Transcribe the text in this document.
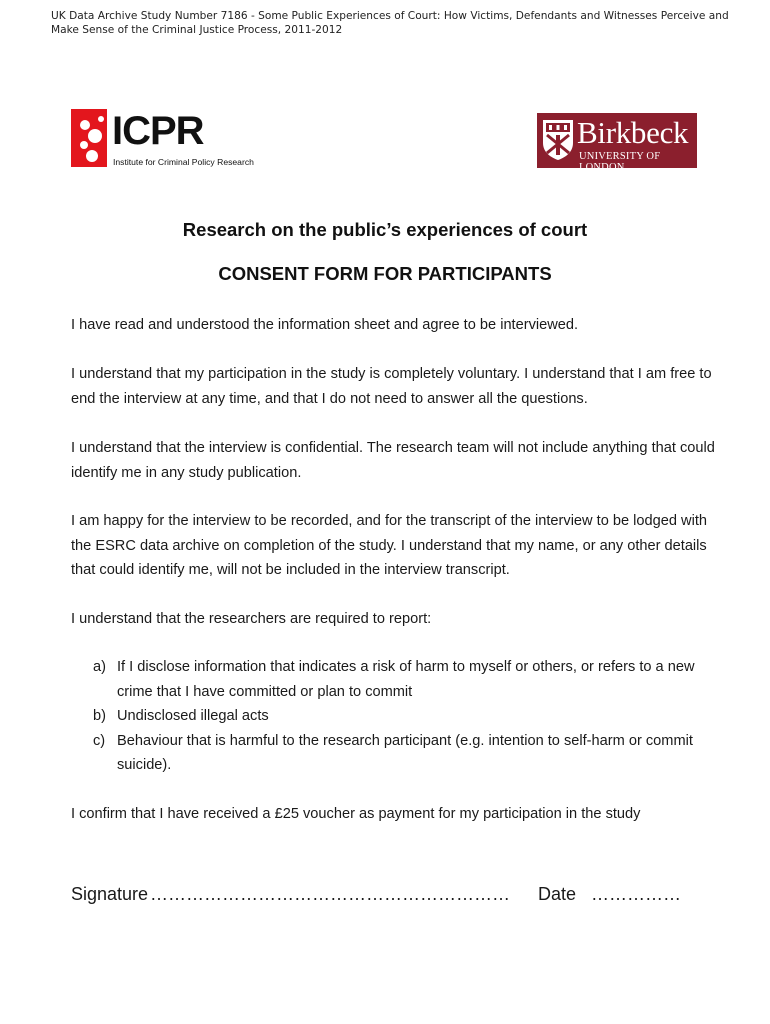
UK Data Archive Study Number 7186 - Some Public Experiences of Court: How Victims, Defendants and Witnesses Perceive and Make Sense of the Criminal Justice Process, 2011-2012
ICPR
Institute for Criminal Policy Research
Birkbeck
UNIVERSITY OF LONDON
Research on the public’s experiences of court
CONSENT FORM FOR PARTICIPANTS
I have read and understood the information sheet and agree to be interviewed.
I understand that my participation in the study is completely voluntary. I understand that I am free to end the interview at any time, and that I do not need to answer all the questions.
I understand that the interview is confidential. The research team will not include anything that could identify me in any study publication.
I am happy for the interview to be recorded, and for the transcript of the interview to be lodged with the ESRC data archive on completion of the study. I understand that my name, or any other details that could identify me, will not be included in the interview transcript.
I understand that the researchers are required to report:
a) If I disclose information that indicates a risk of harm to myself or others, or refers to a new crime that I have committed or plan to commit
b) Undisclosed illegal acts
c) Behaviour that is harmful to the research participant (e.g. intention to self-harm or commit suicide).
I confirm that I have received a £25 voucher as payment for my participation in the study
Signature …………………………………………………… Date ……………
